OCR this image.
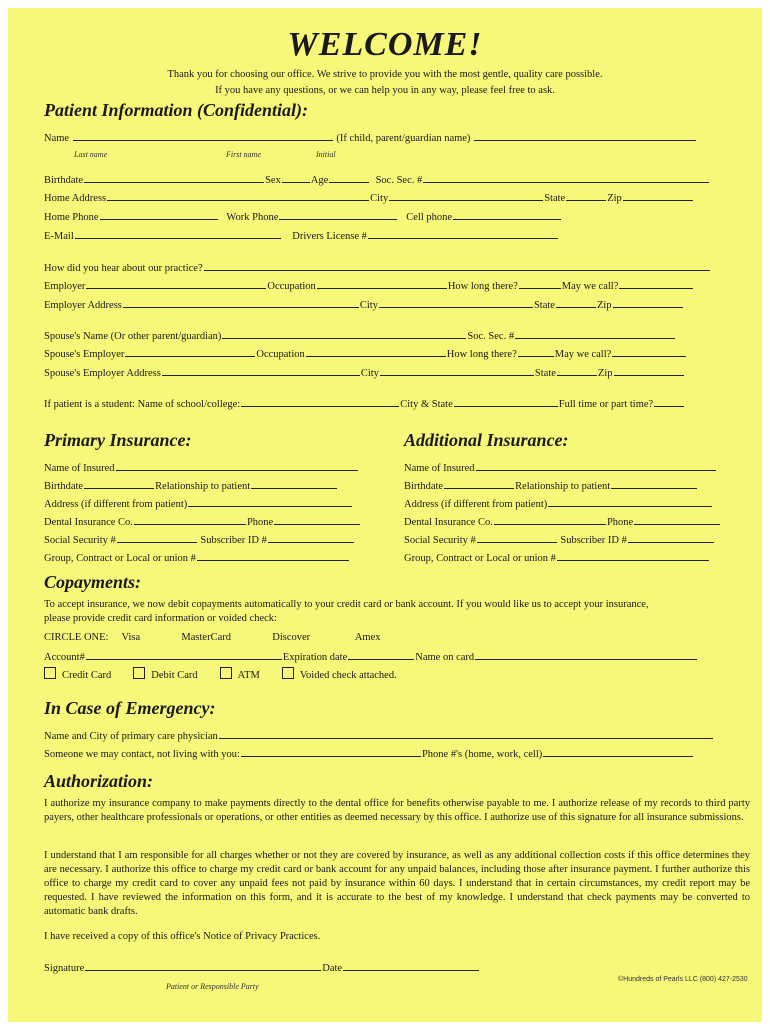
WELCOME!
Thank you for choosing our office. We strive to provide you with the most gentle, quality care possible.
If you have any questions, or we can help you in any way, please feel free to ask.
Patient Information (Confidential):
Name	(If child, parent/guardian name)
Last name	First name	Initial
Birthdate	Sex	Age	Soc. Sec. #
Home Address	City	State	Zip
Home Phone	Work Phone	Cell phone
E-Mail	Drivers License #
How did you hear about our practice?
Employer	Occupation	How long there?	May we call?
Employer Address	City	State	Zip
Spouse's Name (Or other parent/guardian)	Soc. Sec. #
Spouse's Employer	Occupation	How long there?	May we call?
Spouse's Employer Address	City	State	Zip
If patient is a student: Name of school/college:	City & State	Full time or part time?
Primary Insurance:
Name of Insured
Birthdate	Relationship to patient
Address (if different from patient)
Dental Insurance Co.	Phone
Social Security #	Subscriber ID #
Group, Contract or Local or union #
Additional Insurance:
Name of Insured
Birthdate	Relationship to patient
Address (if different from patient)
Dental Insurance Co.	Phone
Social Security #	Subscriber ID #
Group, Contract or Local or union #
Copayments:
To accept insurance, we now debit copayments automatically to your credit card or bank account. If you would like us to accept your insurance,
please provide credit card information or voided check:
CIRCLE ONE: Visa	MasterCard	Discover	Amex
Account#	Expiration date	Name on card
Credit Card	Debit Card	ATM	Voided check attached.
In Case of Emergency:
Name and City of primary care physician
Someone we may contact, not living with you:	Phone #'s (home, work, cell)
Authorization:
I authorize my insurance company to make payments directly to the dental office for benefits otherwise payable to me. I authorize release of my records to third party payers, other healthcare professionals or operations, or other entities as deemed necessary by this office. I authorize use of this signature for all insurance submissions.
I understand that I am responsible for all charges whether or not they are covered by insurance, as well as any additional collection costs if this office determines they are necessary. I authorize this office to charge my credit card or bank account for any unpaid balances, including those after insurance payment. I further authorize this office to charge my credit card to cover any unpaid fees not paid by insurance within 60 days. I understand that in certain circumstances, my credit report may be requested. I have reviewed the information on this form, and it is accurate to the best of my knowledge. I understand that check payments may be converted to automatic bank drafts.
I have received a copy of this office's Notice of Privacy Practices.
Signature	Date
Patient or Responsible Party
©Hundreds of Pearls LLC (800) 427-2530
